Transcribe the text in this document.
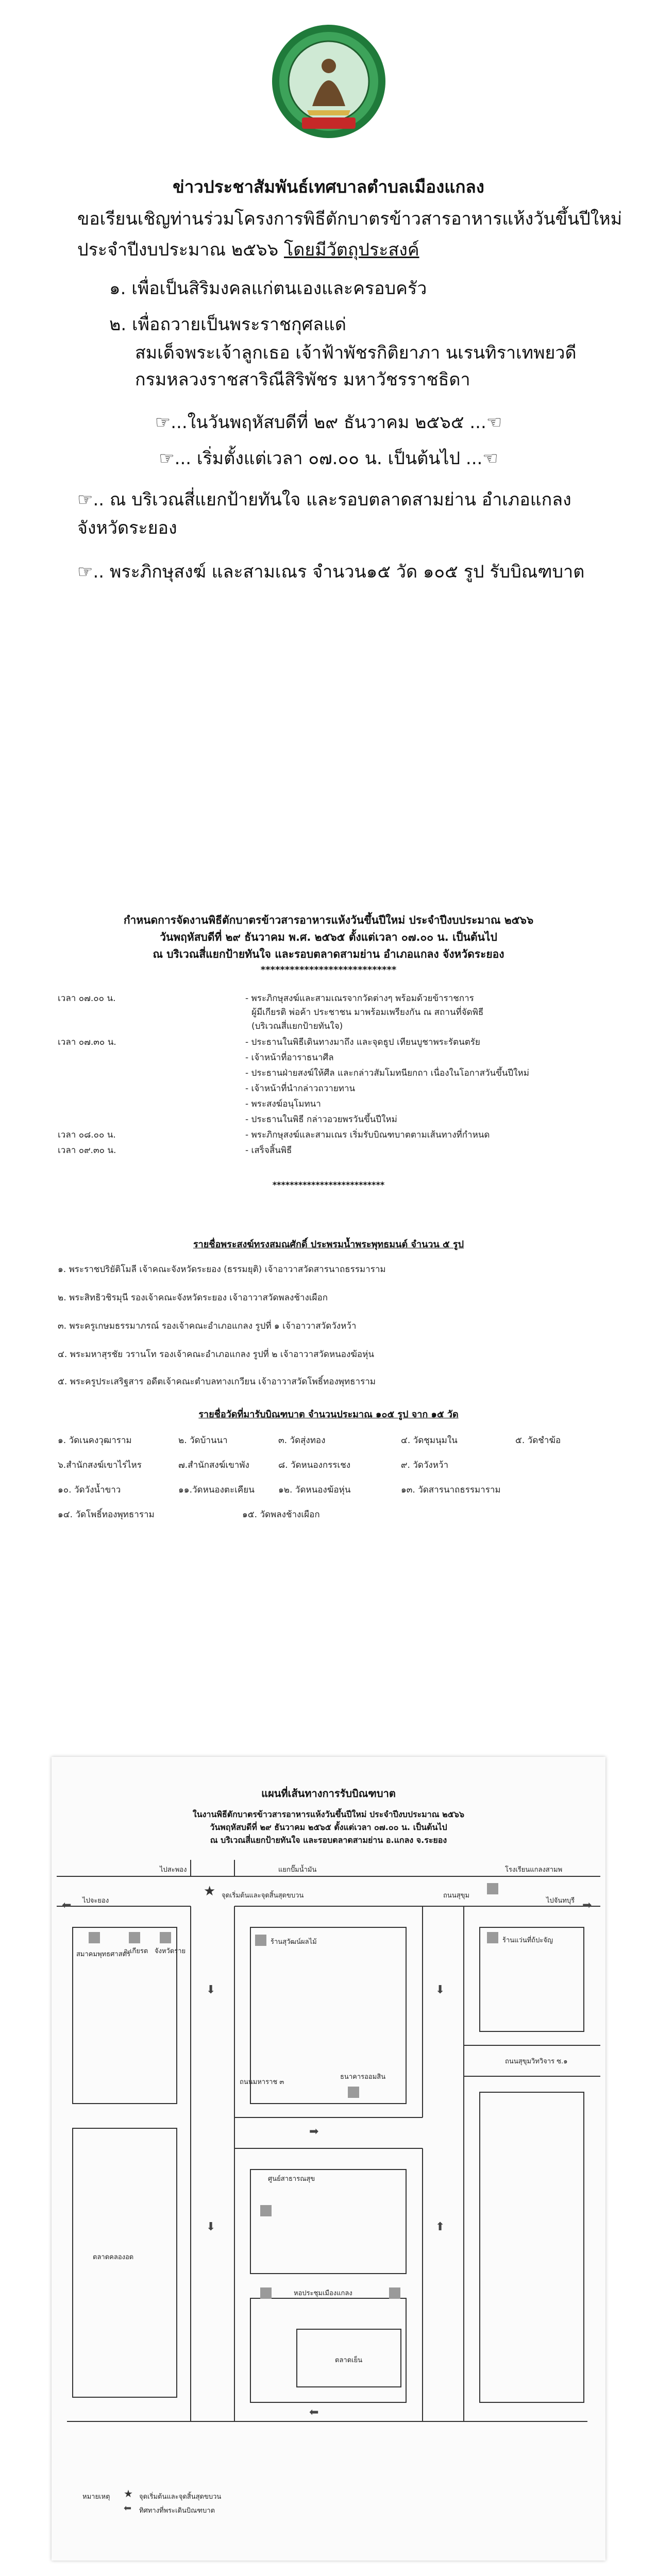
ข่าวประชาสัมพันธ์เทศบาลตำบลเมืองแกลง
ขอเรียนเชิญท่านร่วมโครงการพิธีตักบาตรข้าวสารอาหารแห้งวันขึ้นปีใหม่
ประจำปีงบประมาณ ๒๕๖๖ โดยมีวัตถุประสงค์
๑. เพื่อเป็นสิริมงคลแก่ตนเองและครอบครัว
๒. เพื่อถวายเป็นพระราชกุศลแด่
สมเด็จพระเจ้าลูกเธอ เจ้าฟ้าพัชรกิติยาภา นเรนทิราเทพยวดี
กรมหลวงราชสาริณีสิริพัชร มหาวัชรราชธิดา
☞...ในวันพฤหัสบดีที่ ๒๙ ธันวาคม ๒๕๖๕ ...☜
☞... เริ่มตั้งแต่เวลา ๐๗.๐๐ น. เป็นต้นไป ...☜
☞.. ณ บริเวณสี่แยกป้ายทันใจ และรอบตลาดสามย่าน อำเภอแกลง
จังหวัดระยอง
☞.. พระภิกษุสงฆ์ และสามเณร จำนวน๑๕ วัด ๑๐๕ รูป รับบิณฑบาต
กำหนดการจัดงานพิธีตักบาตรข้าวสารอาหารแห้งวันขึ้นปีใหม่ ประจำปีงบประมาณ ๒๕๖๖
วันพฤหัสบดีที่ ๒๙ ธันวาคม พ.ศ. ๒๕๖๕ ตั้งแต่เวลา ๐๗.๐๐ น. เป็นต้นไป
ณ บริเวณสี่แยกป้ายทันใจ และรอบตลาดสามย่าน อำเภอแกลง จังหวัดระยอง
****************************
เวลา ๐๗.๐๐ น.	- พระภิกษุสงฆ์และสามเณรจากวัดต่างๆ พร้อมด้วยข้าราชการ
ผู้มีเกียรติ พ่อค้า ประชาชน มาพร้อมเพรียงกัน ณ สถานที่จัดพิธี
(บริเวณสี่แยกป้ายทันใจ)
เวลา ๐๗.๓๐ น.	- ประธานในพิธีเดินทางมาถึง และจุดธูป เทียนบูชาพระรัตนตรัย
- เจ้าหน้าที่อาราธนาศีล
- ประธานฝ่ายสงฆ์ให้ศีล และกล่าวสัมโมทนียกถา เนื่องในโอกาสวันขึ้นปีใหม่
- เจ้าหน้าที่นำกล่าวถวายทาน
- พระสงฆ์อนุโมทนา
- ประธานในพิธี กล่าวอวยพรวันขึ้นปีใหม่
เวลา ๐๘.๐๐ น.	- พระภิกษุสงฆ์และสามเณร เริ่มรับบิณฑบาตตามเส้นทางที่กำหนด
เวลา ๐๙.๓๐ น.	- เสร็จสิ้นพิธี
**************************
รายชื่อพระสงฆ์ทรงสมณศักดิ์ ประพรมน้ำพระพุทธมนต์ จำนวน ๕ รูป
๑. พระราชปริยัติโมลี เจ้าคณะจังหวัดระยอง (ธรรมยุติ) เจ้าอาวาสวัดสารนาถธรรมาราม
๒. พระสิทธิวชิรมุนี รองเจ้าคณะจังหวัดระยอง เจ้าอาวาสวัดพลงช้างเผือก
๓. พระครูเกษมธรรมาภรณ์ รองเจ้าคณะอำเภอแกลง รูปที่ ๑ เจ้าอาวาสวัดวังหว้า
๔. พระมหาสุรชัย วรานโท รองเจ้าคณะอำเภอแกลง รูปที่ ๒ เจ้าอาวาสวัดหนองฆ้อหุ่น
๕. พระครูประเสริฐสาร อดีตเจ้าคณะตำบลทางเกวียน เจ้าอาวาสวัดโพธิ์ทองพุทธาราม
รายชื่อวัดที่มารับบิณฑบาต จำนวนประมาณ ๑๐๕ รูป จาก ๑๕ วัด
๑. วัดเนคงวุฒาราม	๒. วัดบ้านนา	๓. วัดสุ่งทอง	๔. วัดชุมนุมใน	๕. วัดชำฆ้อ
๖.สำนักสงฆ์เขาไร่ไหร	๗.สำนักสงฆ์เขาพัง	๘. วัดหนองกรรเชง	๙. วัดวังหว้า
๑๐. วัดวังน้ำขาว	๑๑.วัดหนองตะเคียน	๑๒. วัดหนองฆ้อหุ่น	๑๓. วัดสารนาถธรรมาราม
๑๔. วัดโพธิ์ทองพุทธาราม	๑๕. วัดพลงช้างเผือก
แผนที่เส้นทางการรับบิณฑบาต
ในงานพิธีตักบาตรข้าวสารอาหารแห้งวันขึ้นปีใหม่ ประจำปีงบประมาณ ๒๕๖๖
วันพฤหัสบดีที่ ๒๙ ธันวาคม ๒๕๖๕ ตั้งแต่เวลา ๐๗.๐๐ น. เป็นต้นไป
ณ บริเวณสี่แยกป้ายทันใจ และรอบตลาดสามย่าน อ.แกลง จ.ระยอง
⬅	➡
⬇
⬇
⬇
⬆
➡
⬅
★
ไปสะพอง	แยกปั๊มน้ำมัน	โรงเรียนแกลงสามพ
ไปจะยอง	ไปจันทบุรี
จุดเริ่มต้นและจุดสิ้นสุดขบวน	ถนนสุขุม
สมาคมพุทธศาสตร์
อ.เกียรต จังหวัดราย
ร้านสุวัฒน์ผลไม้	ร้านแว่นที่ถ้ปะจัญ
ถนนมหาราช ๓
ธนาคารออมสิน
ถนนสุขุมวิทวิจาร ซ.๑
ศูนย์สาธารณสุข
ตลาดคลองอด
หอประชุมเมืองแกลง
ตลาดเย็น
หมายเหตุ ★ จุดเริ่มต้นและจุดสิ้นสุดขบวน
⬅ ทิศทางที่พระเดินบิณฑบาต
